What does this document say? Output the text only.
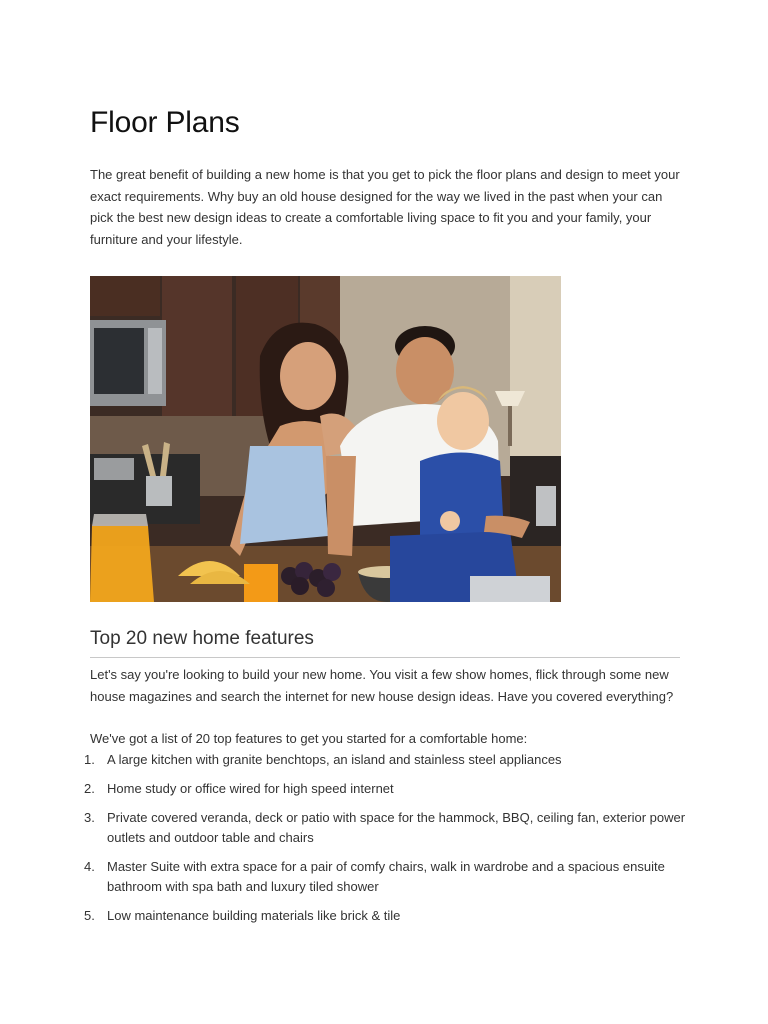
Floor Plans

The great benefit of building a new home is that you get to pick the floor plans and design to meet your exact requirements. Why buy an old house designed for the way we lived in the past when your can pick the best new design ideas to create a comfortable living space to fit you and your family, your furniture and your lifestyle.

Top 20 new home features

Let's say you're looking to build your new home. You visit a few show homes, flick through some new house magazines and search the internet for new house design ideas. Have you covered everything?

We've got a list of 20 top features to get you started for a comfortable home:

1. A large kitchen with granite benchtops, an island and stainless steel appliances
2. Home study or office wired for high speed internet
3. Private covered veranda, deck or patio with space for the hammock, BBQ, ceiling fan, exterior power outlets and outdoor table and chairs
4. Master Suite with extra space for a pair of comfy chairs, walk in wardrobe and a spacious ensuite bathroom with spa bath and luxury tiled shower
5. Low maintenance building materials like brick & tile
